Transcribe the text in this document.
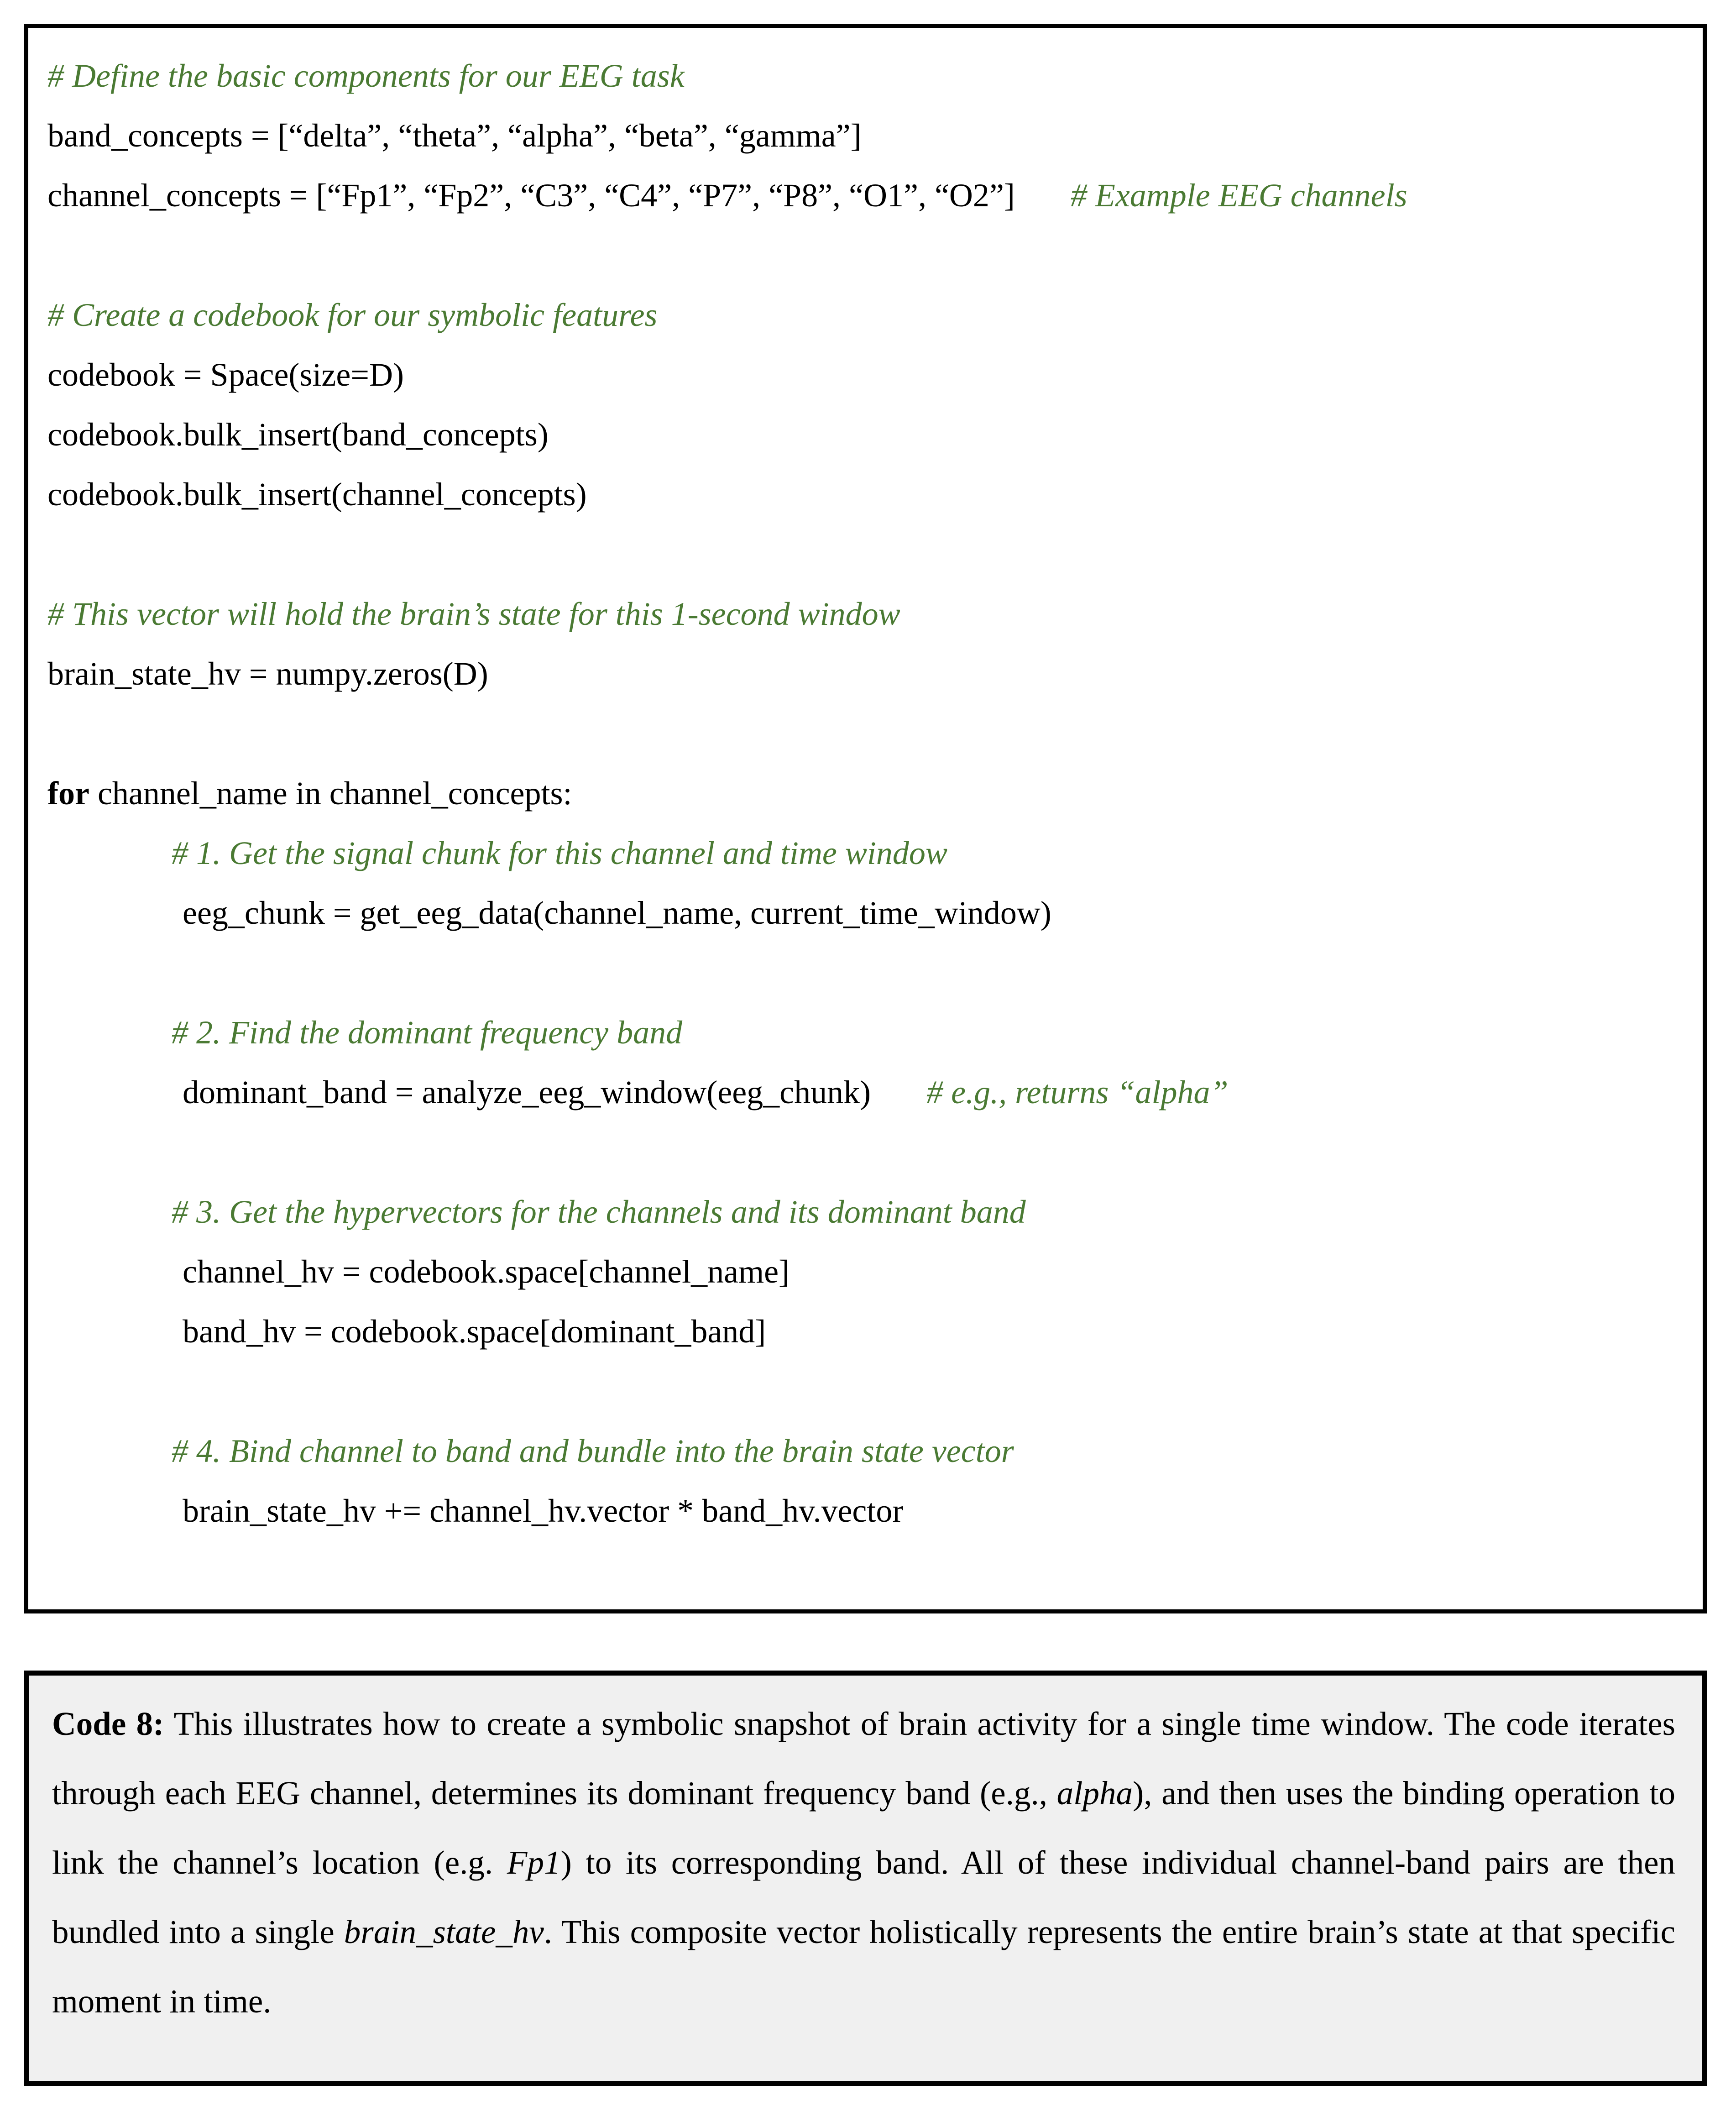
# Define the basic components for our EEG task
band_concepts = [“delta”, “theta”, “alpha”, “beta”, “gamma”]
channel_concepts = [“Fp1”, “Fp2”, “C3”, “C4”, “P7”, “P8”, “O1”, “O2”] # Example EEG channels
# Create a codebook for our symbolic features
codebook = Space(size=D)
codebook.bulk_insert(band_concepts)
codebook.bulk_insert(channel_concepts)
# This vector will hold the brain’s state for this 1-second window
brain_state_hv = numpy.zeros(D)
for channel_name in channel_concepts:
# 1. Get the signal chunk for this channel and time window
eeg_chunk = get_eeg_data(channel_name, current_time_window)
# 2. Find the dominant frequency band
dominant_band = analyze_eeg_window(eeg_chunk) # e.g., returns “alpha”
# 3. Get the hypervectors for the channels and its dominant band
channel_hv = codebook.space[channel_name]
band_hv = codebook.space[dominant_band]
# 4. Bind channel to band and bundle into the brain state vector
brain_state_hv += channel_hv.vector * band_hv.vector

Code 8: This illustrates how to create a symbolic snapshot of brain activity for a single time window. The code iterates through each EEG channel, determines its dominant frequency band (e.g., alpha), and then uses the binding operation to link the channel’s location (e.g. Fp1) to its corresponding band. All of these individual channel-band pairs are then bundled into a single brain_state_hv. This composite vector holistically represents the entire brain’s state at that specific moment in time.
